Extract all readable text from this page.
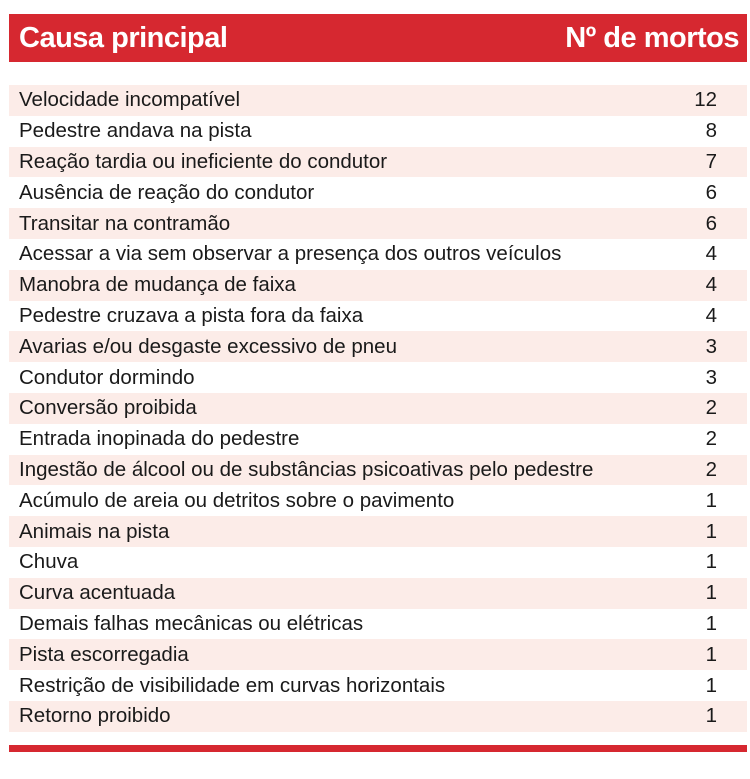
Causa principal	Nº de mortos
Velocidade incompatível	12
Pedestre andava na pista	8
Reação tardia ou ineficiente do condutor	7
Ausência de reação do condutor	6
Transitar na contramão	6
Acessar a via sem observar a presença dos outros veículos	4
Manobra de mudança de faixa	4
Pedestre cruzava a pista fora da faixa	4
Avarias e/ou desgaste excessivo de pneu	3
Condutor dormindo	3
Conversão proibida	2
Entrada inopinada do pedestre	2
Ingestão de álcool ou de substâncias psicoativas pelo pedestre	2
Acúmulo de areia ou detritos sobre o pavimento	1
Animais na pista	1
Chuva	1
Curva acentuada	1
Demais falhas mecânicas ou elétricas	1
Pista escorregadia	1
Restrição de visibilidade em curvas horizontais	1
Retorno proibido	1
